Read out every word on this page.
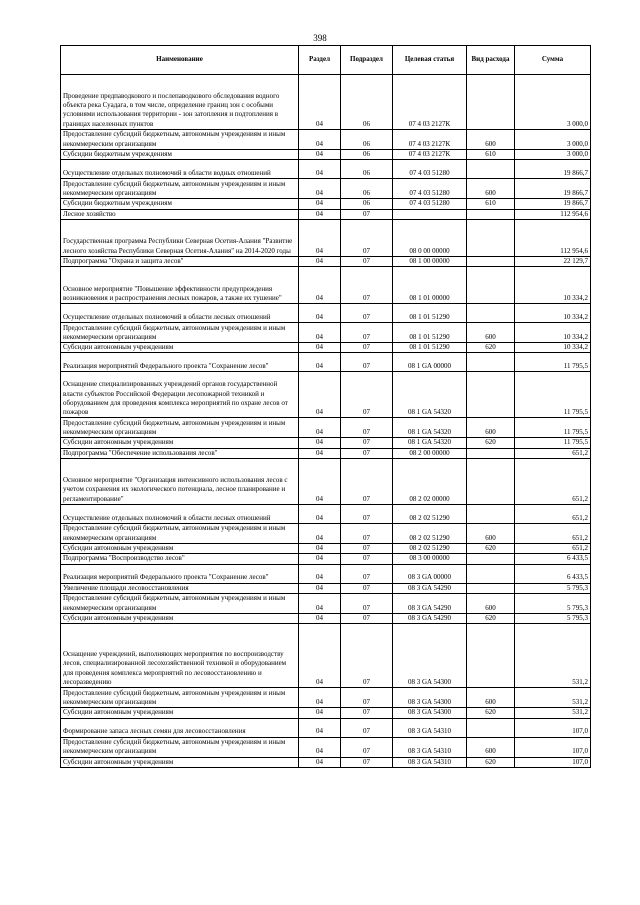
398
Наименование	Раздел	Подраздел	Целевая статья	Вид расхода	Сумма
Проведение предпаводкового и послепаводкового обследования водного объекта река Суадага, в том числе, определение границ зон с особыми условиями использования территории - зон затопления и подтопления в границах населенных пунктов	04	06	07 4 03 2127К		3 000,0
Предоставление субсидий бюджетным, автономным учреждениям и иным некоммерческим организациям	04	06	07 4 03 2127К	600	3 000,0
Субсидии бюджетным учреждениям	04	06	07 4 03 2127К	610	3 000,0
Осуществление отдельных полномочий в области водных отношений	04	06	07 4 03 51280		19 866,7
Предоставление субсидий бюджетным, автономным учреждениям и иным некоммерческим организациям	04	06	07 4 03 51280	600	19 866,7
Субсидии бюджетным учреждениям	04	06	07 4 03 51280	610	19 866,7
Лесное хозяйство	04	07			112 954,6
Государственная программа Республики Северная Осетия-Алания "Развитие лесного хозяйства Республики Северная Осетия-Алания" на 2014-2020 годы	04	07	08 0 00 00000		112 954,6
Подпрограмма "Охрана и защита лесов"	04	07	08 1 00 00000		22 129,7
Основное мероприятие "Повышение эффективности предупреждения возникновения и распространения лесных пожаров, а также их тушение"	04	07	08 1 01 00000		10 334,2
Осуществление отдельных полномочий в области лесных отношений	04	07	08 1 01 51290		10 334,2
Предоставление субсидий бюджетным, автономным учреждениям и иным некоммерческим организациям	04	07	08 1 01 51290	600	10 334,2
Субсидии автономным учреждениям	04	07	08 1 01 51290	620	10 334,2
Реализация мероприятий Федерального проекта "Сохранение лесов"	04	07	08 1 GA 00000		11 795,5
Оснащение специализированных учреждений органов государственной власти субъектов Российской Федерации лесопожарной техникой и оборудованием для проведения комплекса мероприятий по охране лесов от пожаров	04	07	08 1 GA 54320		11 795,5
Предоставление субсидий бюджетным, автономным учреждениям и иным некоммерческим организациям	04	07	08 1 GA 54320	600	11 795,5
Субсидии автономным учреждениям	04	07	08 1 GA 54320	620	11 795,5
Подпрограмма "Обеспечение использования лесов"	04	07	08 2 00 00000		651,2
Основное мероприятие "Организация интенсивного использования лесов с учетом сохранения их экологического потенциала, лесное планирование и регламентирование"	04	07	08 2 02 00000		651,2
Осуществление отдельных полномочий в области лесных отношений	04	07	08 2 02 51290		651,2
Предоставление субсидий бюджетным, автономным учреждениям и иным некоммерческим организациям	04	07	08 2 02 51290	600	651,2
Субсидии автономным учреждениям	04	07	08 2 02 51290	620	651,2
Подпрограмма "Воспроизводство лесов"	04	07	08 3 00 00000		6 433,5
Реализация мероприятий Федерального проекта "Сохранение лесов"	04	07	08 3 GA 00000		6 433,5
Увеличение площади лесовосстановления	04	07	08 3 GA 54290		5 795,3
Предоставление субсидий бюджетным, автономным учреждениям и иным некоммерческим организациям	04	07	08 3 GA 54290	600	5 795,3
Субсидии автономным учреждениям	04	07	08 3 GA 54290	620	5 795,3
Оснащение учреждений, выполняющих мероприятия по воспроизводству лесов, специализированной лесохозяйственной техникой и оборудованием для проведения комплекса мероприятий по лесовосстановлению и лесоразведению	04	07	08 3 GA 54300		531,2
Предоставление субсидий бюджетным, автономным учреждениям и иным некоммерческим организациям	04	07	08 3 GA 54300	600	531,2
Субсидии автономным учреждениям	04	07	08 3 GA 54300	620	531,2
Формирование запаса лесных семян для лесовосстановления	04	07	08 3 GA 54310		107,0
Предоставление субсидий бюджетным, автономным учреждениям и иным некоммерческим организациям	04	07	08 3 GA 54310	600	107,0
Субсидии автономным учреждениям	04	07	08 3 GA 54310	620	107,0
